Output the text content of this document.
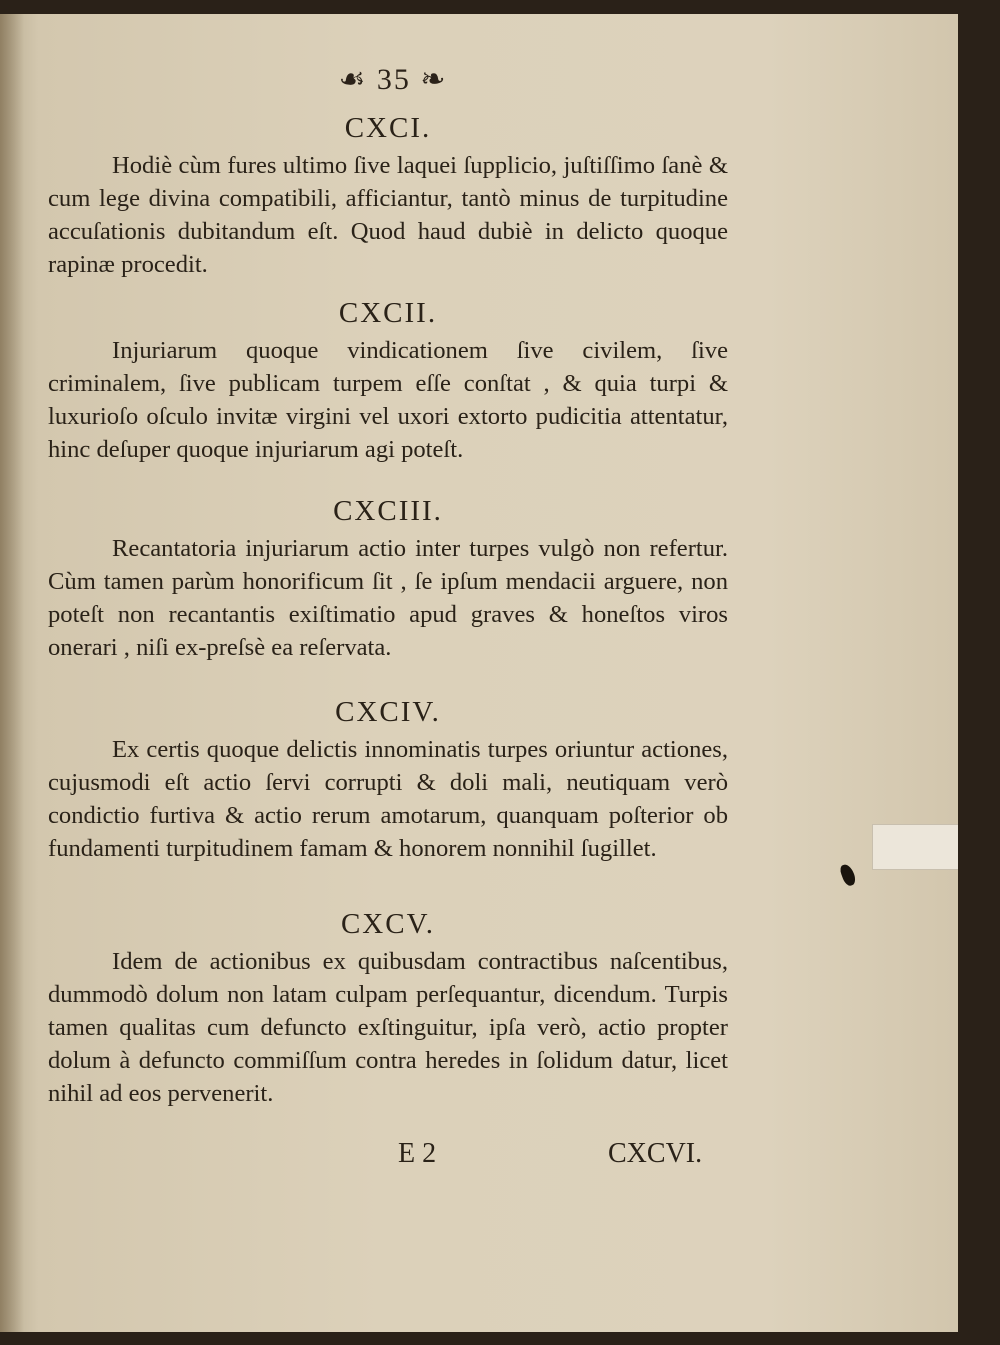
☙ 35 ❧
CXCI.

Hodiè cùm fures ultimo ſive laquei ſupplicio, juſtiſſimo ſanè & cum lege divina compatibili, afficiantur, tantò minus de turpitudine accuſationis dubitandum eſt. Quod haud dubiè in delicto quoque rapinæ procedit.

CXCII.

Injuriarum quoque vindicationem ſive civilem, ſive criminalem, ſive publicam turpem eſſe conſtat , & quia turpi & luxurioſo oſculo invitæ virgini vel uxori extorto pudicitia attentatur, hinc deſuper quoque injuriarum agi poteſt.

CXCIII.

Recantatoria injuriarum actio inter turpes vulgò non refertur. Cùm tamen parùm honorificum ſit , ſe ipſum mendacii arguere, non poteſt non recantantis exiſtimatio apud graves & honeſtos viros onerari , niſi ex-preſsè ea reſervata.

CXCIV.

Ex certis quoque delictis innominatis turpes oriuntur actiones, cujusmodi eſt actio ſervi corrupti & doli mali, neutiquam verò condictio furtiva & actio rerum amotarum, quanquam poſterior ob fundamenti turpitudinem famam & honorem nonnihil ſugillet.

CXCV.

Idem de actionibus ex quibusdam contractibus naſcentibus, dummodò dolum non latam culpam perſequantur, dicendum. Turpis tamen qualitas cum defuncto exſtinguitur, ipſa verò, actio propter dolum à defuncto commiſſum contra heredes in ſolidum datur, licet nihil ad eos pervenerit.

E 2	CXCVI.
